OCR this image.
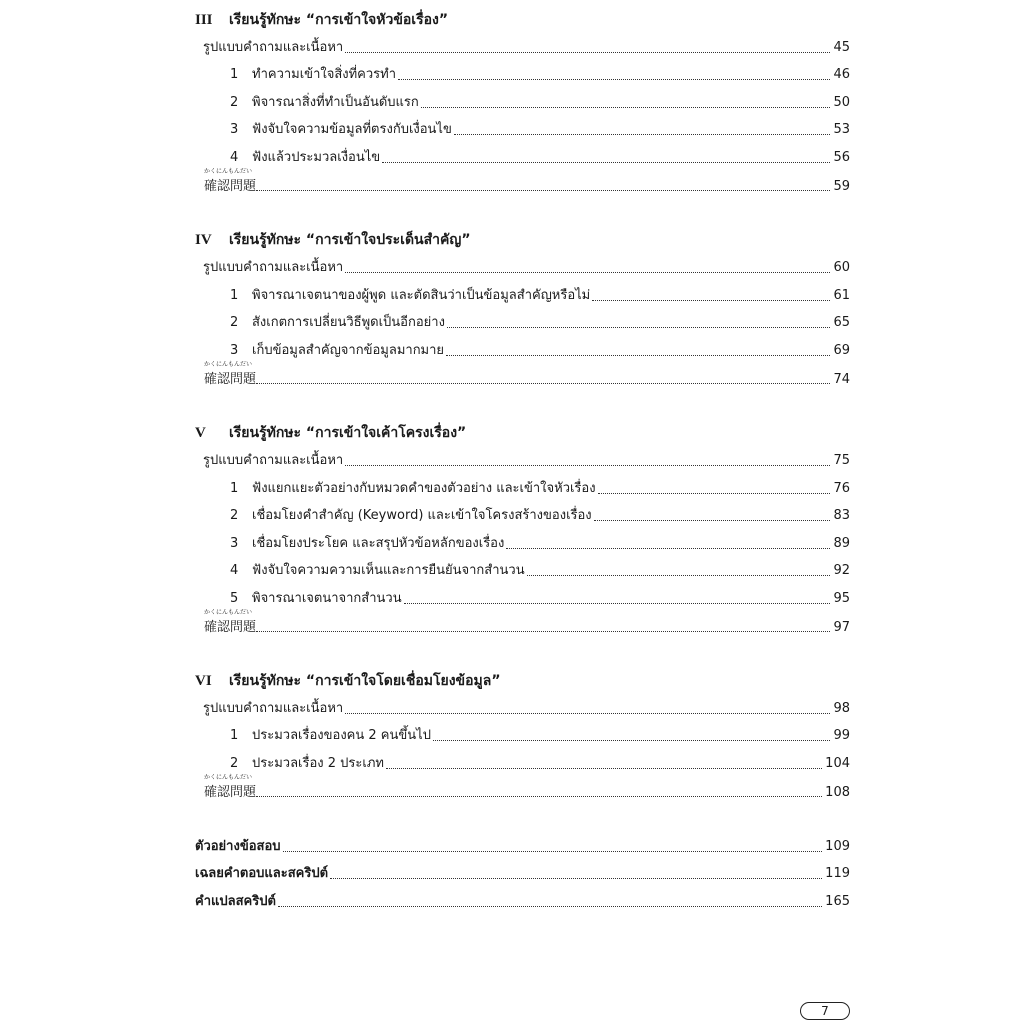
III เรียนรู้ทักษะ “การเข้าใจหัวข้อเรื่อง”
รูปแบบคำถามและเนื้อหา	45
1 ทำความเข้าใจสิ่งที่ควรทำ	46
2 พิจารณาสิ่งที่ทำเป็นอันดับแรก	50
3 ฟังจับใจความข้อมูลที่ตรงกับเงื่อนไข	53
4 ฟังแล้วประมวลเงื่อนไข	56
かくにんもんだい
確認問題	59
IV เรียนรู้ทักษะ “การเข้าใจประเด็นสำคัญ”
รูปแบบคำถามและเนื้อหา	60
1 พิจารณาเจตนาของผู้พูด และตัดสินว่าเป็นข้อมูลสำคัญหรือไม่	61
2 สังเกตการเปลี่ยนวิธีพูดเป็นอีกอย่าง	65
3 เก็บข้อมูลสำคัญจากข้อมูลมากมาย	69
かくにんもんだい
確認問題	74
V เรียนรู้ทักษะ “การเข้าใจเค้าโครงเรื่อง”
รูปแบบคำถามและเนื้อหา	75
1 ฟังแยกแยะตัวอย่างกับหมวดคำของตัวอย่าง และเข้าใจหัวเรื่อง	76
2 เชื่อมโยงคำสำคัญ (Keyword) และเข้าใจโครงสร้างของเรื่อง	83
3 เชื่อมโยงประโยค และสรุปหัวข้อหลักของเรื่อง	89
4 ฟังจับใจความความเห็นและการยืนยันจากสำนวน	92
5 พิจารณาเจตนาจากสำนวน	95
かくにんもんだい
確認問題	97
VI เรียนรู้ทักษะ “การเข้าใจโดยเชื่อมโยงข้อมูล”
รูปแบบคำถามและเนื้อหา	98
1 ประมวลเรื่องของคน 2 คนขึ้นไป	99
2 ประมวลเรื่อง 2 ประเภท	104
かくにんもんだい
確認問題	108
ตัวอย่างข้อสอบ	109
เฉลยคำตอบและสคริปต์	119
คำแปลสคริปต์	165
7
